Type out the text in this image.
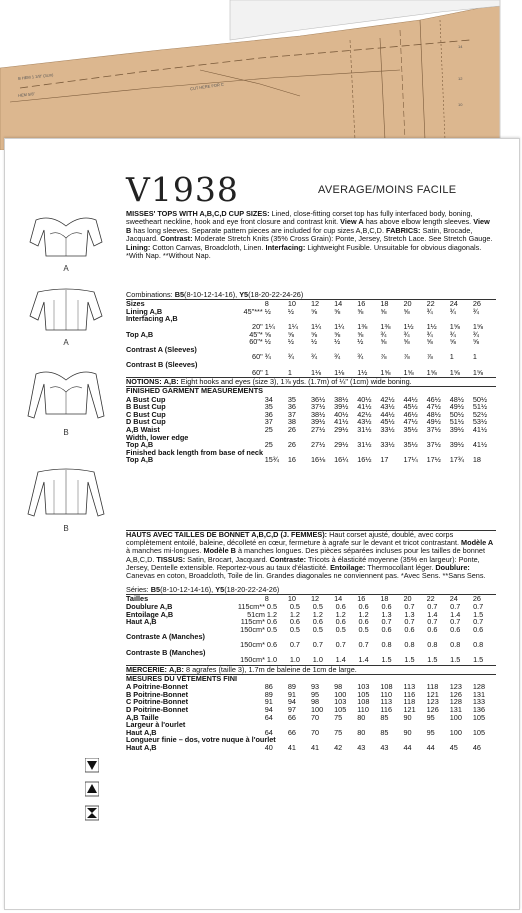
CUT HERE FOR C
HEM 5/8"
B HEM 1 1/8" (3cm)
14
12
10
V1938	AVERAGE/MOINS FACILE
A
A
B
B
MISSES' TOPS WITH A,B,C,D CUP SIZES: Lined, close-fitting corset top has fully interfaced body, boning, sweetheart neckline, hook and eye front closure and contrast knit. View A has above elbow length sleeves. View B has long sleeves. Separate pattern pieces are included for cup sizes A,B,C,D. FABRICS: Satin, Brocade, Jacquard. Contrast: Moderate Stretch Knits (35% Cross Grain): Ponte, Jersey, Stretch Lace. See Stretch Gauge. Lining: Cotton Canvas, Broadcloth, Linen. Interfacing: Lightweight Fusible. Unsuitable for obvious diagonals. *With Nap. **Without Nap.
Combinations: B5(8-10-12-14-16), Y5(18-20-22-24-26)
Sizes		8	10	12	14	16	18	20	22	24	26
Lining A,B	45"***	½	½	⅝	⅝	⅝	⅝	⅝	¾	¾	¾
Interfacing A,B											
	20"	1¼	1¼	1¼	1¼	1⅜	1⅜	1½	1½	1⅝	1⅝
Top A,B	45"*	⅝	⅝	⅝	⅝	⅝	¾	¾	¾	¾	¾
	60"*	½	½	½	½	½	⅝	⅝	⅝	⅝	⅝
Contrast A (Sleeves)											
	60"	¾	¾	¾	¾	¾	⅞	⅞	⅞	1	1
Contrast B (Sleeves)											
	60"	1	1	1⅛	1⅛	1½	1⅝	1⅝	1⅝	1⅝	1⅝
NOTIONS: A,B: Eight hooks and eyes (size 3), 1⅞ yds. (1.7m) of ¼" (1cm) wide boning.
FINISHED GARMENT MEASUREMENTS
A Bust Cup		34	35	36½	38½	40½	42½	44½	46½	48½	50½
B Bust Cup		35	36	37½	39½	41½	43½	45½	47½	49½	51½
C Bust Cup		36	37	38½	40½	42½	44½	46½	48½	50½	52½
D Bust Cup		37	38	39½	41½	43½	45½	47½	49½	51½	53½
A,B Waist		25	26	27½	29½	31½	33½	35½	37½	39½	41½
Width, lower edge											
Top A,B		25	26	27½	29½	31½	33½	35½	37½	39½	41½
Finished back length from base of neck											
Top A,B		15¾	16	16⅛	16¼	16½	17	17¼	17½	17¾	18
HAUTS AVEC TAILLES DE BONNET A,B,C,D (J. FEMMES): Haut corset ajusté, doublé, avec corps complètement entoilé, baleine, décolleté en cœur, fermeture à agrafe sur le devant et tricot contrastant. Modèle A à manches mi-longues. Modèle B à manches longues. Des pièces séparées incluses pour les tailles de bonnet A,B,C,D. TISSUS: Satin, Brocart, Jacquard. Contraste: Tricots à élasticité moyenne (35% en largeur): Ponte, Jersey, Dentelle extensible. Reportez-vous au taux d'élasticité. Entoilage: Thermocollant léger. Doublure: Canevas en coton, Broadcloth, Toile de lin. Grandes diagonales ne conviennent pas. *Avec Sens. **Sans Sens.
Séries: B5(8-10-12-14-16), Y5(18-20-22-24-26)
Tailles		8	10	12	14	16	18	20	22	24	26
Doublure A,B	115cm**	0.5	0.5	0.5	0.6	0.6	0.6	0.7	0.7	0.7	0.7
Entoilage A,B	51cm	1.2	1.2	1.2	1.2	1.2	1.3	1.3	1.4	1.4	1.5
Haut A,B	115cm*	0.6	0.6	0.6	0.6	0.6	0.7	0.7	0.7	0.7	0.7
	150cm*	0.5	0.5	0.5	0.5	0.5	0.6	0.6	0.6	0.6	0.6
Contraste A (Manches)											
	150cm*	0.6	0.7	0.7	0.7	0.7	0.8	0.8	0.8	0.8	0.8
Contraste B (Manches)											
	150cm*	1.0	1.0	1.0	1.4	1.4	1.5	1.5	1.5	1.5	1.5
MERCERIE: A,B: 8 agrafes (taille 3), 1.7m de baleine de 1cm de large.
MESURES DU VÊTEMENTS FINI
A Poitrine-Bonnet		86	89	93	98	103	108	113	118	123	128
B Poitrine-Bonnet		89	91	95	100	105	110	116	121	126	131
C Poitrine-Bonnet		91	94	98	103	108	113	118	123	128	133
D Poitrine-Bonnet		94	97	100	105	110	116	121	126	131	136
A,B Taille		64	66	70	75	80	85	90	95	100	105
Largeur à l'ourlet											
Haut A,B		64	66	70	75	80	85	90	95	100	105
Longueur finie – dos, votre nuque à l'ourlet											
Haut A,B		40	41	41	42	43	43	44	44	45	46
